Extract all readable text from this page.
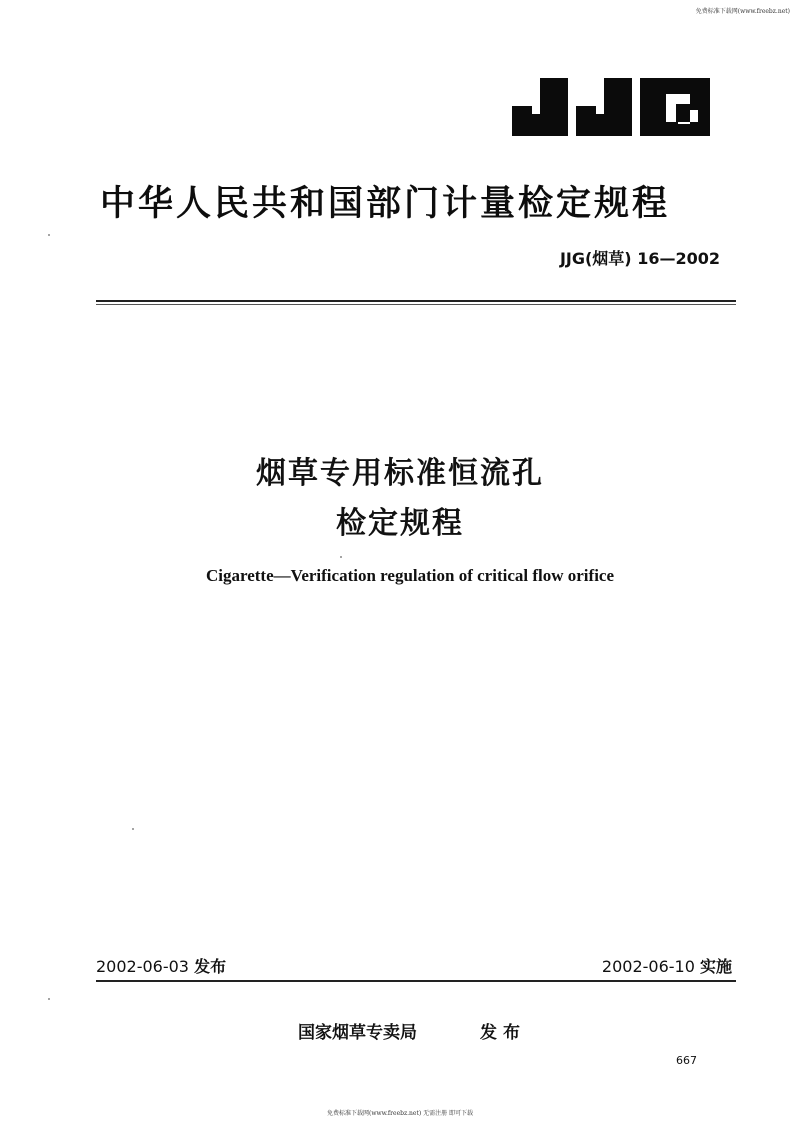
免费标准下载网(www.freebz.net)
中华人民共和国部门计量检定规程
JJG(烟草) 16—2002
烟草专用标准恒流孔
检定规程
Cigarette—Verification regulation of critical flow orifice
2002-06-03 发布	2002-06-10 实施
国家烟草专卖局	发布
667
免费标准下载网(www.freebz.net) 无需注册 即可下载
